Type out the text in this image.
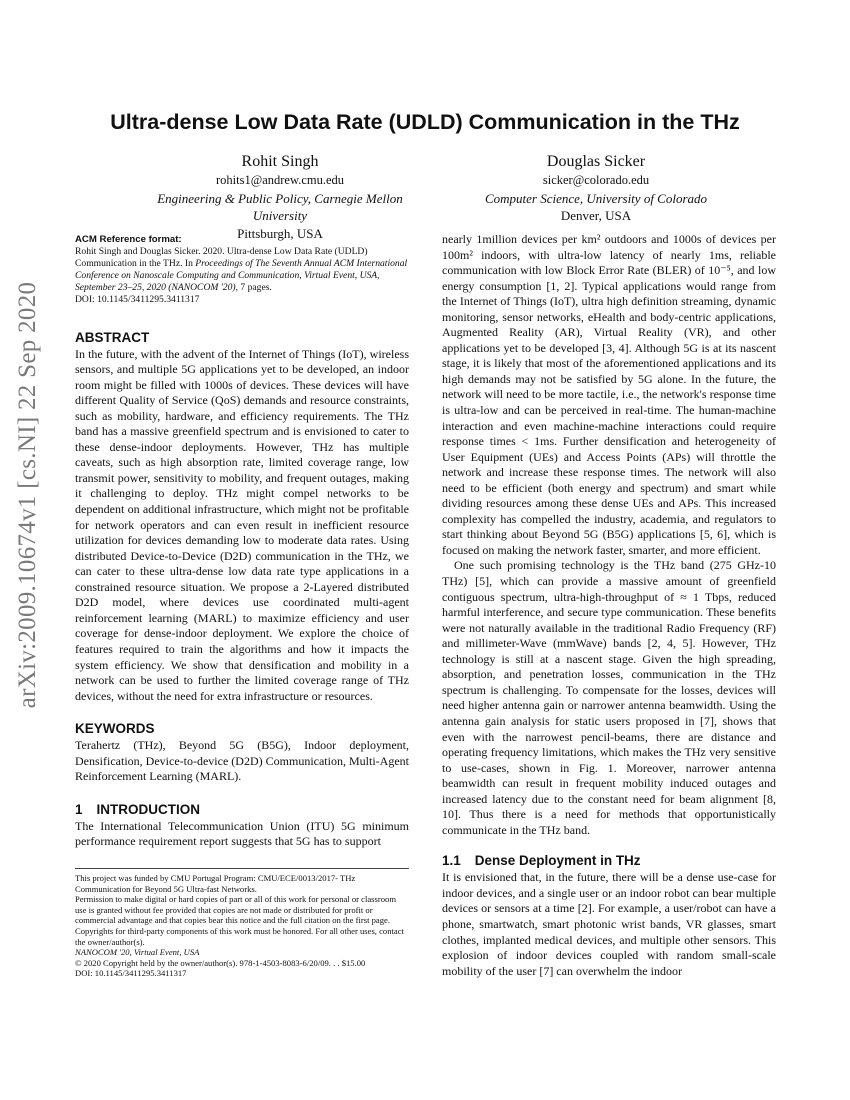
arXiv:2009.10674v1 [cs.NI] 22 Sep 2020
Ultra-dense Low Data Rate (UDLD) Communication in the THz
Rohit Singh
rohits1@andrew.cmu.edu
Engineering & Public Policy, Carnegie Mellon University
Pittsburgh, USA
Douglas Sicker
sicker@colorado.edu
Computer Science, University of Colorado
Denver, USA
ACM Reference format:
Rohit Singh and Douglas Sicker. 2020. Ultra-dense Low Data Rate (UDLD) Communication in the THz. In Proceedings of The Seventh Annual ACM International Conference on Nanoscale Computing and Communication, Virtual Event, USA, September 23–25, 2020 (NANOCOM '20), 7 pages.
DOI: 10.1145/3411295.3411317
ABSTRACT

In the future, with the advent of the Internet of Things (IoT), wireless sensors, and multiple 5G applications yet to be developed, an indoor room might be filled with 1000s of devices. These devices will have different Quality of Service (QoS) demands and resource constraints, such as mobility, hardware, and efficiency requirements. The THz band has a massive greenfield spectrum and is envisioned to cater to these dense-indoor deployments. However, THz has multiple caveats, such as high absorption rate, limited coverage range, low transmit power, sensitivity to mobility, and frequent outages, making it challenging to deploy. THz might compel networks to be dependent on additional infrastructure, which might not be profitable for network operators and can even result in inefficient resource utilization for devices demanding low to moderate data rates. Using distributed Device-to-Device (D2D) communication in the THz, we can cater to these ultra-dense low data rate type applications in a constrained resource situation. We propose a 2-Layered distributed D2D model, where devices use coordinated multi-agent reinforcement learning (MARL) to maximize efficiency and user coverage for dense-indoor deployment. We explore the choice of features required to train the algorithms and how it impacts the system efficiency. We show that densification and mobility in a network can be used to further the limited coverage range of THz devices, without the need for extra infrastructure or resources.

KEYWORDS

Terahertz (THz), Beyond 5G (B5G), Indoor deployment, Densification, Device-to-device (D2D) Communication, Multi-Agent Reinforcement Learning (MARL).

1 INTRODUCTION

The International Telecommunication Union (ITU) 5G minimum performance requirement report suggests that 5G has to support

This project was funded by CMU Portugal Program: CMU/ECE/0013/2017- THz Communication for Beyond 5G Ultra-fast Networks.

Permission to make digital or hard copies of part or all of this work for personal or classroom use is granted without fee provided that copies are not made or distributed for profit or commercial advantage and that copies bear this notice and the full citation on the first page. Copyrights for third-party components of this work must be honored. For all other uses, contact the owner/author(s).

NANOCOM '20, Virtual Event, USA

© 2020 Copyright held by the owner/author(s). 978-1-4503-8083-6/20/09. . . $15.00

DOI: 10.1145/3411295.3411317

nearly 1million devices per km² outdoors and 1000s of devices per 100m² indoors, with ultra-low latency of nearly 1ms, reliable communication with low Block Error Rate (BLER) of 10⁻⁵, and low energy consumption [1, 2]. Typical applications would range from the Internet of Things (IoT), ultra high definition streaming, dynamic monitoring, sensor networks, eHealth and body-centric applications, Augmented Reality (AR), Virtual Reality (VR), and other applications yet to be developed [3, 4]. Although 5G is at its nascent stage, it is likely that most of the aforementioned applications and its high demands may not be satisfied by 5G alone. In the future, the network will need to be more tactile, i.e., the network's response time is ultra-low and can be perceived in real-time. The human-machine interaction and even machine-machine interactions could require response times < 1ms. Further densification and heterogeneity of User Equipment (UEs) and Access Points (APs) will throttle the network and increase these response times. The network will also need to be efficient (both energy and spectrum) and smart while dividing resources among these dense UEs and APs. This increased complexity has compelled the industry, academia, and regulators to start thinking about Beyond 5G (B5G) applications [5, 6], which is focused on making the network faster, smarter, and more efficient.

One such promising technology is the THz band (275 GHz-10 THz) [5], which can provide a massive amount of greenfield contiguous spectrum, ultra-high-throughput of ≈ 1 Tbps, reduced harmful interference, and secure type communication. These benefits were not naturally available in the traditional Radio Frequency (RF) and millimeter-Wave (mmWave) bands [2, 4, 5]. However, THz technology is still at a nascent stage. Given the high spreading, absorption, and penetration losses, communication in the THz spectrum is challenging. To compensate for the losses, devices will need higher antenna gain or narrower antenna beamwidth. Using the antenna gain analysis for static users proposed in [7], shows that even with the narrowest pencil-beams, there are distance and operating frequency limitations, which makes the THz very sensitive to use-cases, shown in Fig. 1. Moreover, narrower antenna beamwidth can result in frequent mobility induced outages and increased latency due to the constant need for beam alignment [8, 10]. Thus there is a need for methods that opportunistically communicate in the THz band.

1.1 Dense Deployment in THz

It is envisioned that, in the future, there will be a dense use-case for indoor devices, and a single user or an indoor robot can bear multiple devices or sensors at a time [2]. For example, a user/robot can have a phone, smartwatch, smart photonic wrist bands, VR glasses, smart clothes, implanted medical devices, and multiple other sensors. This explosion of indoor devices coupled with random small-scale mobility of the user [7] can overwhelm the indoor
